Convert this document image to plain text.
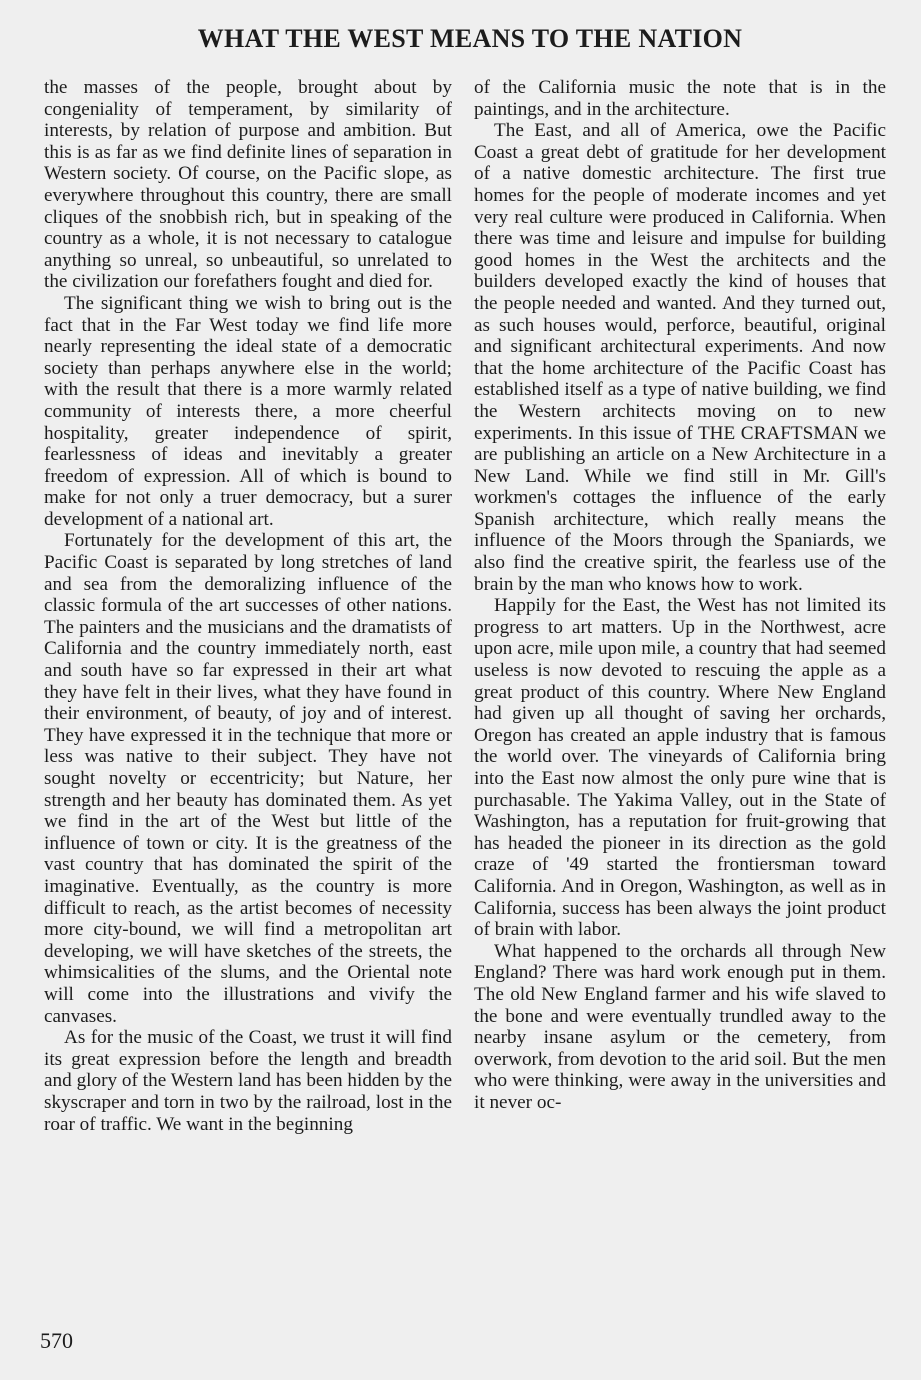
WHAT THE WEST MEANS TO THE NATION

the masses of the people, brought about by congeniality of temperament, by similarity of interests, by relation of purpose and ambition. But this is as far as we find definite lines of separation in Western society. Of course, on the Pacific slope, as everywhere throughout this country, there are small cliques of the snobbish rich, but in speaking of the country as a whole, it is not necessary to catalogue anything so unreal, so unbeautiful, so unrelated to the civilization our forefathers fought and died for.

The significant thing we wish to bring out is the fact that in the Far West today we find life more nearly representing the ideal state of a democratic society than perhaps anywhere else in the world; with the result that there is a more warmly related community of interests there, a more cheerful hospitality, greater independence of spirit, fearlessness of ideas and inevitably a greater freedom of expression. All of which is bound to make for not only a truer democracy, but a surer development of a national art.

Fortunately for the development of this art, the Pacific Coast is separated by long stretches of land and sea from the demoralizing influence of the classic formula of the art successes of other nations. The painters and the musicians and the dramatists of California and the country immediately north, east and south have so far expressed in their art what they have felt in their lives, what they have found in their environment, of beauty, of joy and of interest. They have expressed it in the technique that more or less was native to their subject. They have not sought novelty or eccentricity; but Nature, her strength and her beauty has dominated them. As yet we find in the art of the West but little of the influence of town or city. It is the greatness of the vast country that has dominated the spirit of the imaginative. Eventually, as the country is more difficult to reach, as the artist becomes of necessity more city-bound, we will find a metropolitan art developing, we will have sketches of the streets, the whimsicalities of the slums, and the Oriental note will come into the illustrations and vivify the canvases.

As for the music of the Coast, we trust it will find its great expression before the length and breadth and glory of the Western land has been hidden by the skyscraper and torn in two by the railroad, lost in the roar of traffic. We want in the beginning

of the California music the note that is in the paintings, and in the architecture.

The East, and all of America, owe the Pacific Coast a great debt of gratitude for her development of a native domestic architecture. The first true homes for the people of moderate incomes and yet very real culture were produced in California. When there was time and leisure and impulse for building good homes in the West the architects and the builders developed exactly the kind of houses that the people needed and wanted. And they turned out, as such houses would, perforce, beautiful, original and significant architectural experiments. And now that the home architecture of the Pacific Coast has established itself as a type of native building, we find the Western architects moving on to new experiments. In this issue of THE CRAFTSMAN we are publishing an article on a New Architecture in a New Land. While we find still in Mr. Gill's workmen's cottages the influence of the early Spanish architecture, which really means the influence of the Moors through the Spaniards, we also find the creative spirit, the fearless use of the brain by the man who knows how to work.

Happily for the East, the West has not limited its progress to art matters. Up in the Northwest, acre upon acre, mile upon mile, a country that had seemed useless is now devoted to rescuing the apple as a great product of this country. Where New England had given up all thought of saving her orchards, Oregon has created an apple industry that is famous the world over. The vineyards of California bring into the East now almost the only pure wine that is purchasable. The Yakima Valley, out in the State of Washington, has a reputation for fruit-growing that has headed the pioneer in its direction as the gold craze of '49 started the frontiersman toward California. And in Oregon, Washington, as well as in California, success has been always the joint product of brain with labor.

What happened to the orchards all through New England? There was hard work enough put in them. The old New England farmer and his wife slaved to the bone and were eventually trundled away to the nearby insane asylum or the cemetery, from overwork, from devotion to the arid soil. But the men who were thinking, were away in the universities and it never oc-

570
